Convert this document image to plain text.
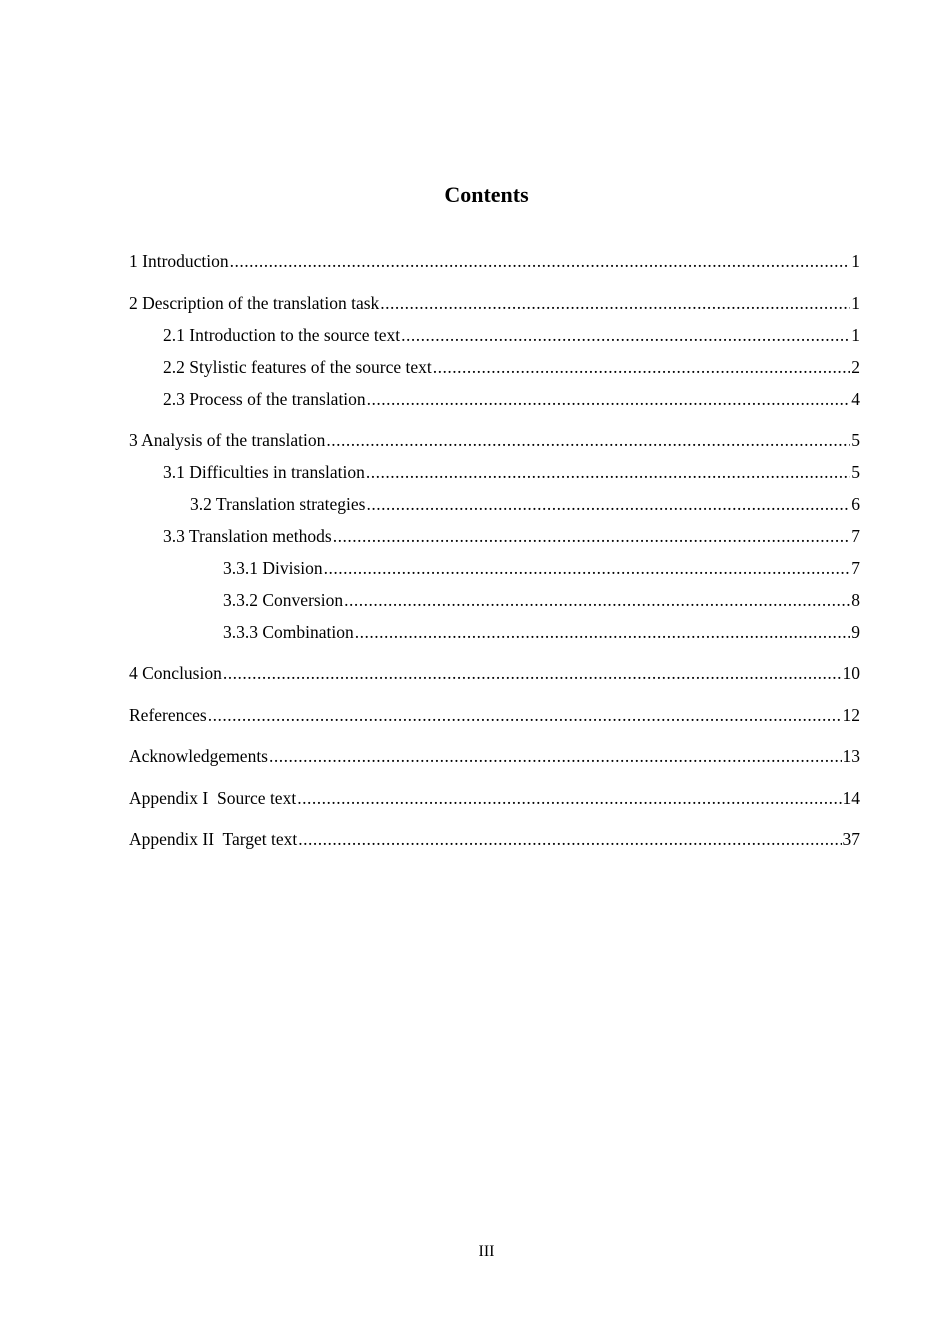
Contents
1 Introduction .....	1
2 Description of the translation task .....	1
2.1 Introduction to the source text .....	1
2.2 Stylistic features of the source text .....	2
2.3 Process of the translation .....	4
3 Analysis of the translation .....	5
3.1 Difficulties in translation .....	5
3.2 Translation strategies .....	6
3.3 Translation methods .....	7
3.3.1 Division .....	7
3.3.2 Conversion .....	8
3.3.3 Combination .....	9
4 Conclusion .....	10
References .....	12
Acknowledgements .....	13
Appendix I  Source text .....	14
Appendix II  Target text .....	37
III
